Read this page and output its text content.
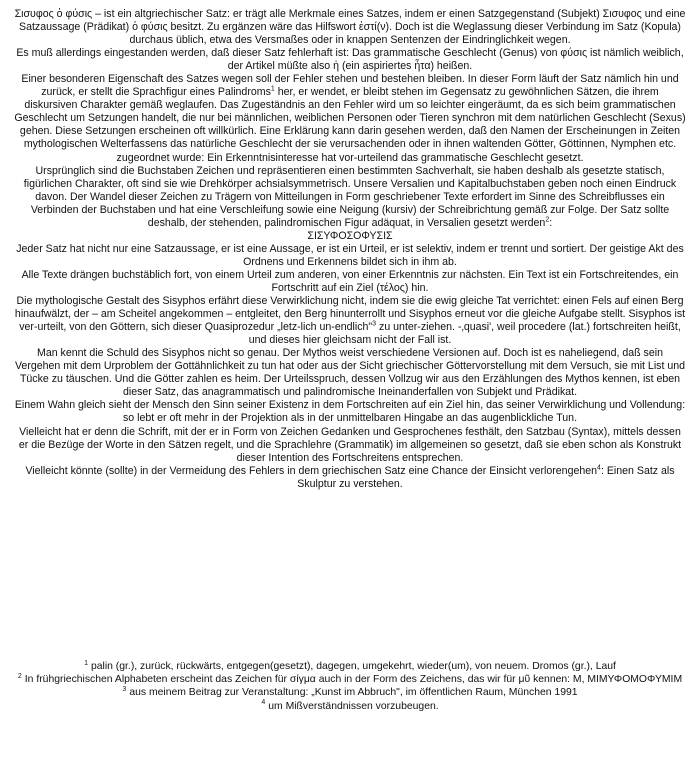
Σισυφος ὁ φύσις – ist ein altgriechischer Satz: er trägt alle Merkmale eines Satzes, indem er einen Satzgegenstand (Subjekt) Σισυφος und eine Satzaussage (Prädikat) ὁ φύσις besitzt. Zu ergänzen wäre das Hilfswort ἐστί(ν). Doch ist die Weglassung dieser Verbindung im Satz (Kopula) durchaus üblich, etwa des Versmaßes oder in knappen Sentenzen der Eindringlichkeit wegen.

Es muß allerdings eingestanden werden, daß dieser Satz fehlerhaft ist: Das grammatische Geschlecht (Genus) von φύσις ist nämlich weiblich, der Artikel müßte also ἡ (ein aspiriertes ἦτα) heißen.

Einer besonderen Eigenschaft des Satzes wegen soll der Fehler stehen und bestehen bleiben. In dieser Form läuft der Satz nämlich hin und zurück, er stellt die Sprachfigur eines Palindroms$^1$ her, er wendet, er bleibt stehen im Gegensatz zu gewöhnlichen Sätzen, die ihrem diskursiven Charakter gemäß weglaufen. Das Zugeständnis an den Fehler wird um so leichter eingeräumt, da es sich beim grammatischen Geschlecht um Setzungen handelt, die nur bei männlichen, weiblichen Personen oder Tieren synchron mit dem natürlichen Geschlecht (Sexus) gehen. Diese Setzungen erscheinen oft willkürlich. Eine Erklärung kann darin gesehen werden, daß den Namen der Erscheinungen in Zeiten mythologischen Welterfassens das natürliche Geschlecht der sie verursachenden oder in ihnen waltenden Götter, Göttinnen, Nymphen etc. zugeordnet wurde: Ein Erkenntnisinteresse hat vor-urteilend das grammatische Geschlecht gesetzt.

Ursprünglich sind die Buchstaben Zeichen und repräsentieren einen bestimmten Sachverhalt, sie haben deshalb als gesetzte statisch, figürlichen Charakter, oft sind sie wie Drehkörper achsialsymmetrisch. Unsere Versalien und Kapitalbuchstaben geben noch einen Eindruck davon. Der Wandel dieser Zeichen zu Trägern von Mitteilungen in Form geschriebener Texte erfordert im Sinne des Schreibflusses ein Verbinden der Buchstaben und hat eine Verschleifung sowie eine Neigung (kursiv) der Schreibrichtung gemäß zur Folge. Der Satz sollte deshalb, der stehenden, palindromischen Figur adäquat, in Versalien gesetzt werden$^2$:

ΣΙΣΥΦΟΣΟΦΥΣΙΣ

Jeder Satz hat nicht nur eine Satzaussage, er ist eine Aussage, er ist ein Urteil, er ist selektiv, indem er trennt und sortiert. Der geistige Akt des Ordnens und Erkennens bildet sich in ihm ab.

Alle Texte drängen buchstäblich fort, von einem Urteil zum anderen, von einer Erkenntnis zur nächsten. Ein Text ist ein Fortschreitendes, ein Fortschritt auf ein Ziel (τέλος) hin.

Die mythologische Gestalt des Sisyphos erfährt diese Verwirklichung nicht, indem sie die ewig gleiche Tat verrichtet: einen Fels auf einen Berg hinaufwälzt, der – am Scheitel angekommen – entgleitet, den Berg hinunterrollt und Sisyphos erneut vor die gleiche Aufgabe stellt. Sisyphos ist ver-urteilt, von den Göttern, sich dieser Quasiprozedur „letz-lich un-endlich"$^3$ zu unter-ziehen. -‚quasi', weil procedere (lat.) fortschreiten heißt, und dieses hier gleichsam nicht der Fall ist.

Man kennt die Schuld des Sisyphos nicht so genau. Der Mythos weist verschiedene Versionen auf. Doch ist es naheliegend, daß sein Vergehen mit dem Urproblem der Gottähnlichkeit zu tun hat oder aus der Sicht griechischer Göttervorstellung mit dem Versuch, sie mit List und Tücke zu täuschen. Und die Götter zahlen es heim. Der Urteilsspruch, dessen Vollzug wir aus den Erzählungen des Mythos kennen, ist eben dieser Satz, das anagrammatisch und palindromische Ineinanderfallen von Subjekt und Prädikat.

Einem Wahn gleich sieht der Mensch den Sinn seiner Existenz in dem Fortschreiten auf ein Ziel hin, das seiner Verwirklichung und Vollendung: so lebt er oft mehr in der Projektion als in der unmittelbaren Hingabe an das augenblickliche Tun.

Vielleicht hat er denn die Schrift, mit der er in Form von Zeichen Gedanken und Gesprochenes festhält, den Satzbau (Syntax), mittels dessen er die Bezüge der Worte in den Sätzen regelt, und die Sprachlehre (Grammatik) im allgemeinen so gesetzt, daß sie eben schon als Konstrukt dieser Intention des Fortschreitens entsprechen.

Vielleicht könnte (sollte) in der Vermeidung des Fehlers in dem griechischen Satz eine Chance der Einsicht verlorengehen$^4$: Einen Satz als Skulptur zu verstehen.

$^1$ palin (gr.), zurück, rückwärts, entgegen(gesetzt), dagegen, umgekehrt, wieder(um), von neuem. Dromos (gr.), Lauf

$^2$ In frühgriechischen Alphabeten erscheint das Zeichen für σίγμα auch in der Form des Zeichens, das wir für μῦ kennen: M, ΜΙΜΥΦΟΜΟΦΥΜΙΜ

$^3$ aus meinem Beitrag zur Veranstaltung: „Kunst im Abbruch", im öffentlichen Raum, München 1991

$^4$ um Mißverständnissen vorzubeugen.
